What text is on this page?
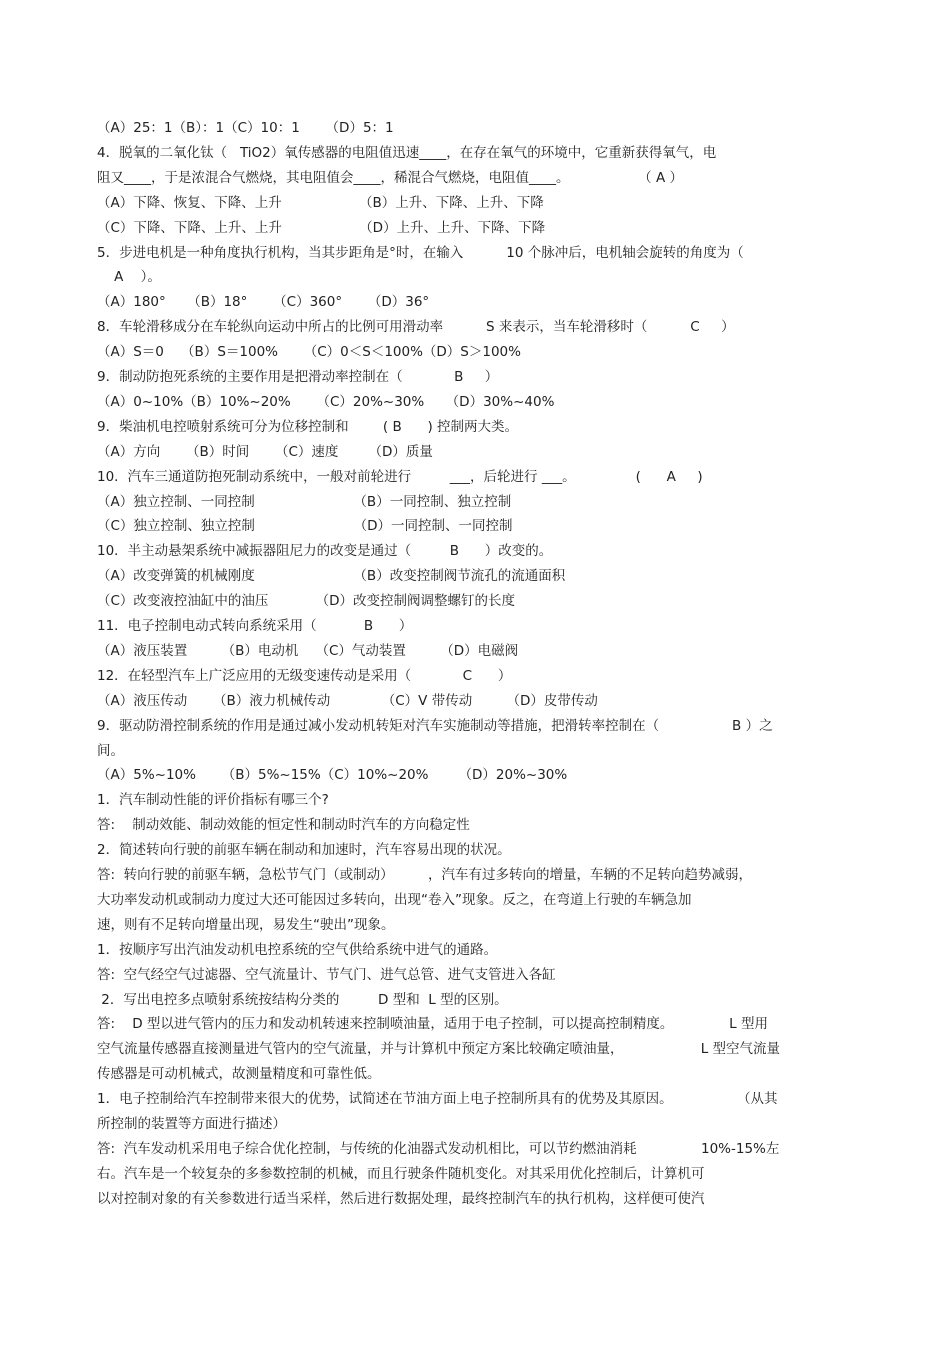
（A）25：1（B）：1（C）10：1      （D）5：1
4．脱氧的二氧化钛（   TiO2）氧传感器的电阻值迅速____，在存在氧气的环境中，它重新获得氧气，电
阻又____，于是浓混合气燃烧，其电阻值会____，稀混合气燃烧，电阻值____。                （ A ）
（A）下降、恢复、下降、上升                  （B）上升、下降、上升、下降
（C）下降、下降、上升、上升                  （D）上升、上升、下降、下降
5．步进电机是一种角度执行机构，当其步距角是°时，在输入          10 个脉冲后，电机轴会旋转的角度为（
A    ）。
（A）180°     （B）18°      （C）360°      （D）36°
8．车轮滑移成分在车轮纵向运动中所占的比例可用滑动率          S 来表示，当车轮滑移时（          C     ）
（A）S＝0    （B）S＝100%      （C）0＜S＜100%（D）S＞100%
9．制动防抱死系统的主要作用是把滑动率控制在（            B     ）
（A）0~10%（B）10%~20%      （C）20%~30%     （D）30%~40%
9．柴油机电控喷射系统可分为位移控制和        ( B      ) 控制两大类。
（A）方向      （B）时间      （C）速度       （D）质量
10．汽车三通道防抱死制动系统中，一般对前轮进行         ___，后轮进行 ___。              (      A     )
（A）独立控制、一同控制                       （B）一同控制、独立控制
（C）独立控制、独立控制                       （D）一同控制、一同控制
10．半主动悬架系统中减振器阻尼力的改变是通过（         B      ）改变的。
（A）改变弹簧的机械刚度                       （B）改变控制阀节流孔的流通面积
（C）改变液控油缸中的油压           （D）改变控制阀调整螺钉的长度
11．电子控制电动式转向系统采用（           B      ）
（A）液压装置        （B）电动机    （C）气动装置        （D）电磁阀
12．在轻型汽车上广泛应用的无级变速传动是采用（            C      ）
（A）液压传动      （B）液力机械传动            （C）V 带传动        （D）皮带传动
9．驱动防滑控制系统的作用是通过减小发动机转矩对汽车实施制动等措施，把滑转率控制在（                 B ）之
间。
（A）5%~10%      （B）5%~15%（C）10%~20%       （D）20%~30%
1．汽车制动性能的评价指标有哪三个?
答:    制动效能、制动效能的恒定性和制动时汽车的方向稳定性
2．简述转向行驶的前驱车辆在制动和加速时，汽车容易出现的状况。
答:  转向行驶的前驱车辆，急松节气门（或制动）        ，汽车有过多转向的增量，车辆的不足转向趋势减弱，
大功率发动机或制动力度过大还可能因过多转向，出现“卷入”现象。反之，在弯道上行驶的车辆急加
速，则有不足转向增量出现，易发生“驶出”现象。
1．按顺序写出汽油发动机电控系统的空气供给系统中进气的通路。
答:  空气经空气过滤器、空气流量计、节气门、进气总管、进气支管进入各缸
2．写出电控多点喷射系统按结构分类的         D 型和  L 型的区别。
答:    D 型以进气管内的压力和发动机转速来控制喷油量，适用于电子控制，可以提高控制精度。             L 型用
空气流量传感器直接测量进气管内的空气流量，并与计算机中预定方案比较确定喷油量，                  L 型空气流量
传感器是可动机械式，故测量精度和可靠性低。
1．电子控制给汽车控制带来很大的优势，试简述在节油方面上电子控制所具有的优势及其原因。               （从其
所控制的装置等方面进行描述）
答:  汽车发动机采用电子综合优化控制，与传统的化油器式发动机相比，可以节约燃油消耗               10%-15%左
右。汽车是一个较复杂的多参数控制的机械，而且行驶条件随机变化。对其采用优化控制后，计算机可
以对控制对象的有关参数进行适当采样，然后进行数据处理，最终控制汽车的执行机构，这样便可使汽
